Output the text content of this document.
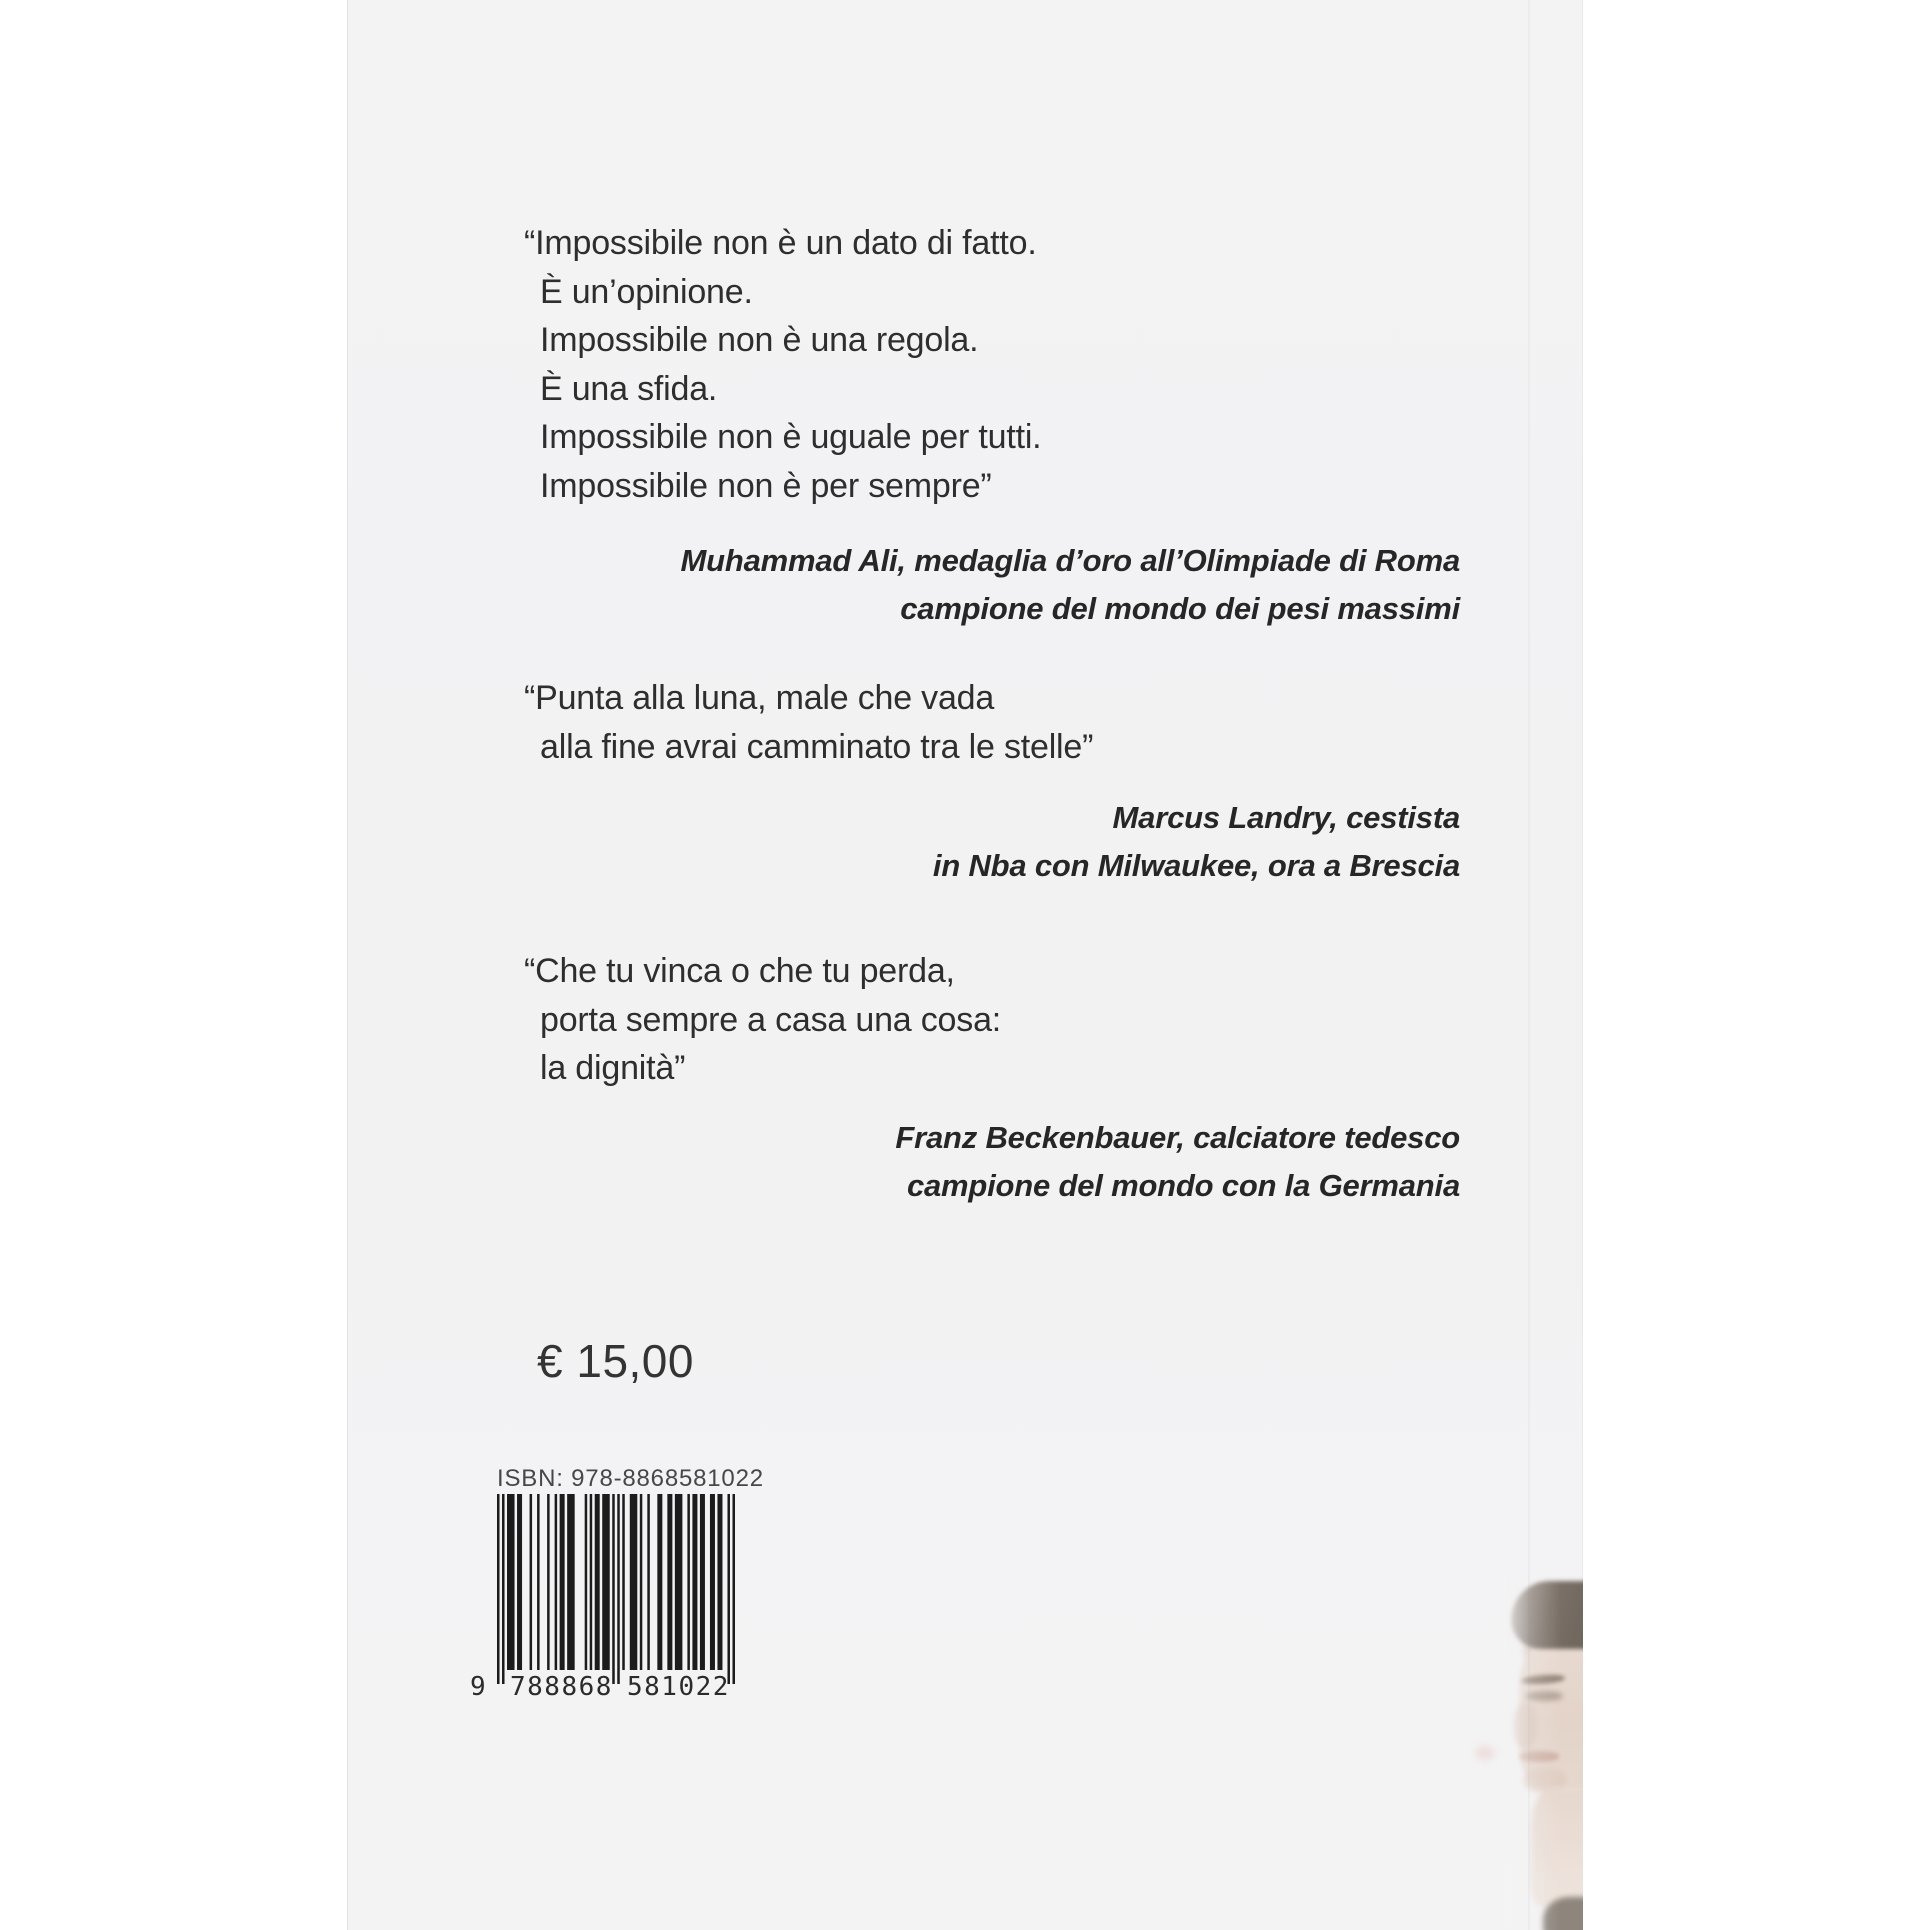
“Impossibile non è un dato di fatto.
È un’opinione.
Impossibile non è una regola.
È una sfida.
Impossibile non è uguale per tutti.
Impossibile non è per sempre”
Muhammad Ali, medaglia d’oro all’Olimpiade di Roma
campione del mondo dei pesi massimi
“Punta alla luna, male che vada
alla fine avrai camminato tra le stelle”
Marcus Landry, cestista
in Nba con Milwaukee, ora a Brescia
“Che tu vinca o che tu perda,
porta sempre a casa una cosa:
la dignità”
Franz Beckenbauer, calciatore tedesco
campione del mondo con la Germania
€ 15,00
ISBN: 978-8868581022
9 788868 581022
